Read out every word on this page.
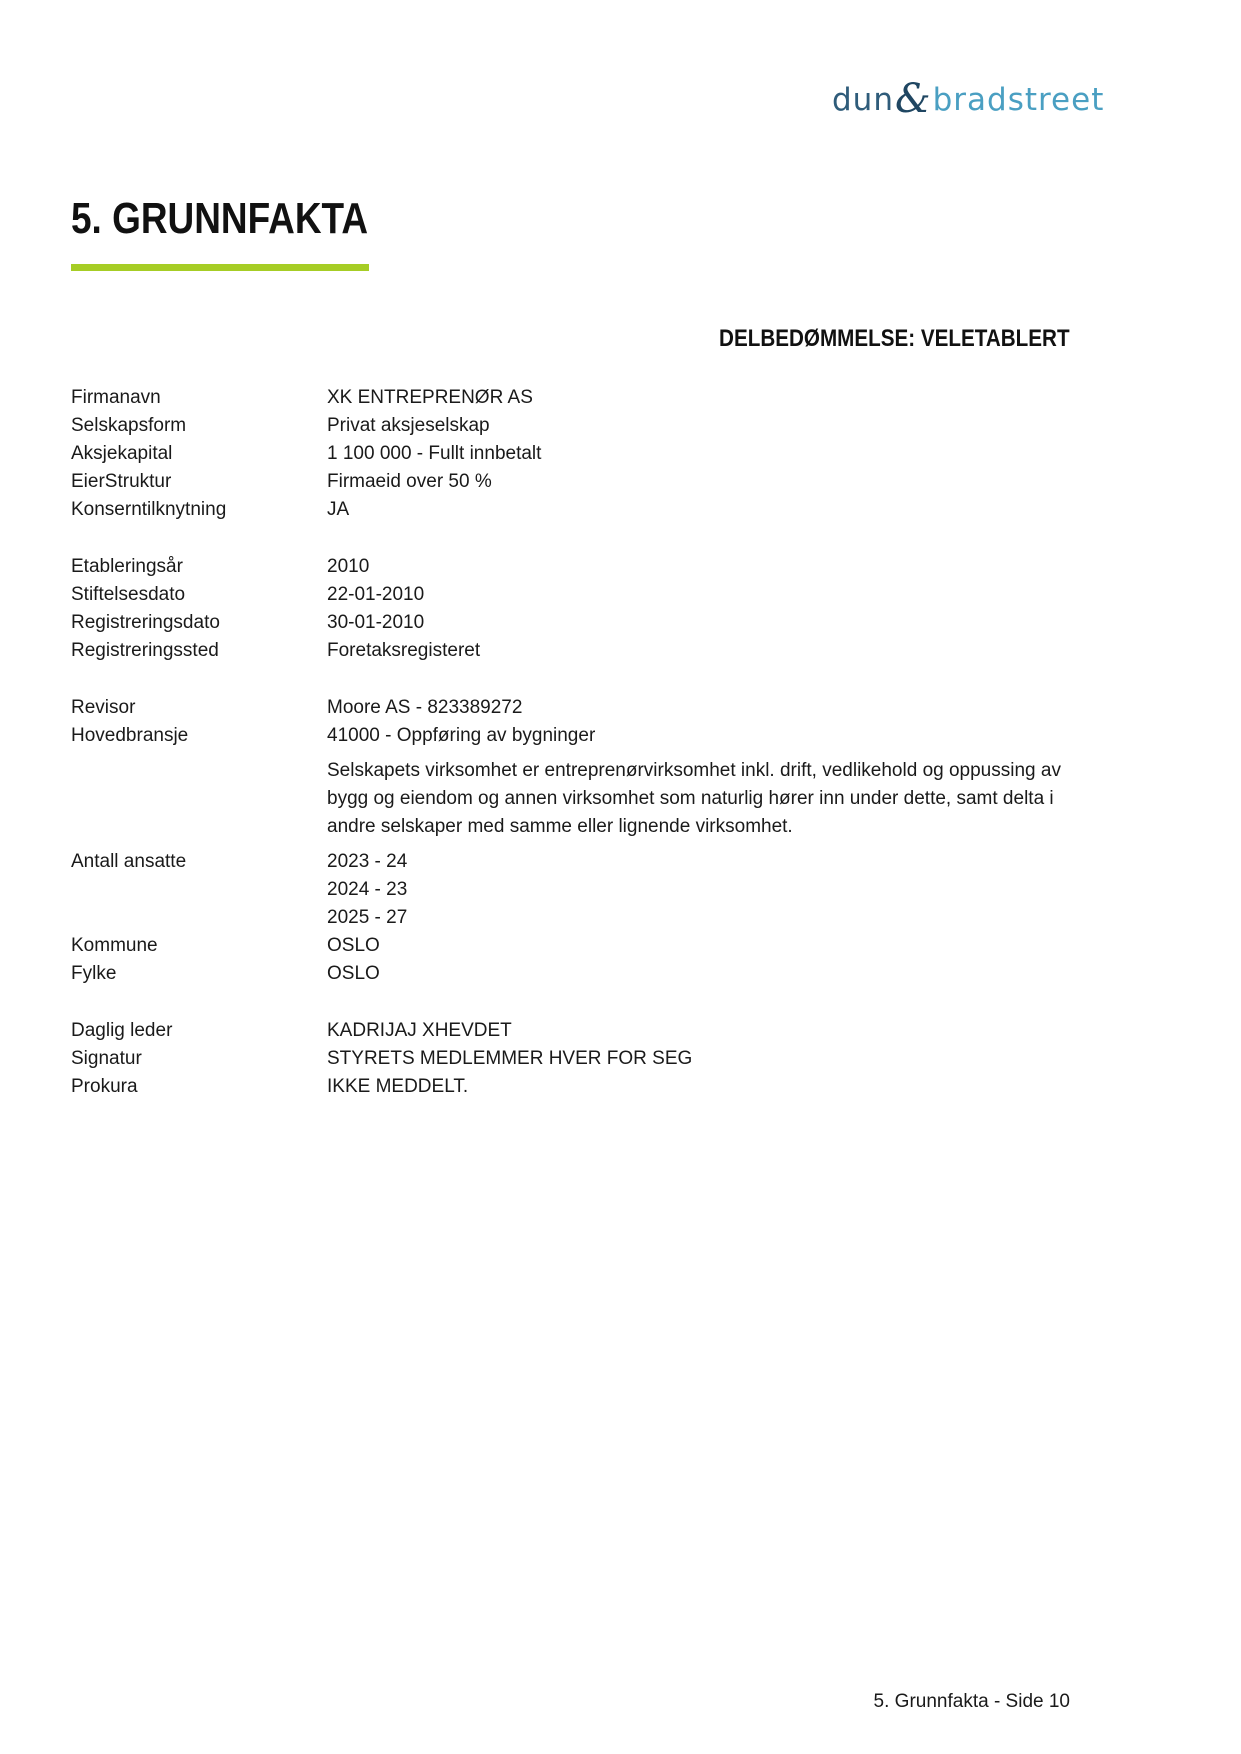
dun & bradstreet
5. GRUNNFAKTA
DELBEDØMMELSE: VELETABLERT
Firmanavn	XK ENTREPRENØR AS
Selskapsform	Privat aksjeselskap
Aksjekapital	1 100 000 - Fullt innbetalt
EierStruktur	Firmaeid over 50 %
Konserntilknytning	JA
Etableringsår	2010
Stiftelsesdato	22-01-2010
Registreringsdato	30-01-2010
Registreringssted	Foretaksregisteret
Revisor	Moore AS - 823389272
Hovedbransje	41000 - Oppføring av bygninger
Selskapets virksomhet er entreprenørvirksomhet inkl. drift, vedlikehold og oppussing av bygg og eiendom og annen virksomhet som naturlig hører inn under dette, samt delta i andre selskaper med samme eller lignende virksomhet.
Antall ansatte	2023 - 24
2024 - 23
2025 - 27
Kommune	OSLO
Fylke	OSLO
Daglig leder	KADRIJAJ XHEVDET
Signatur	STYRETS MEDLEMMER HVER FOR SEG
Prokura	IKKE MEDDELT.
5. Grunnfakta - Side 10
